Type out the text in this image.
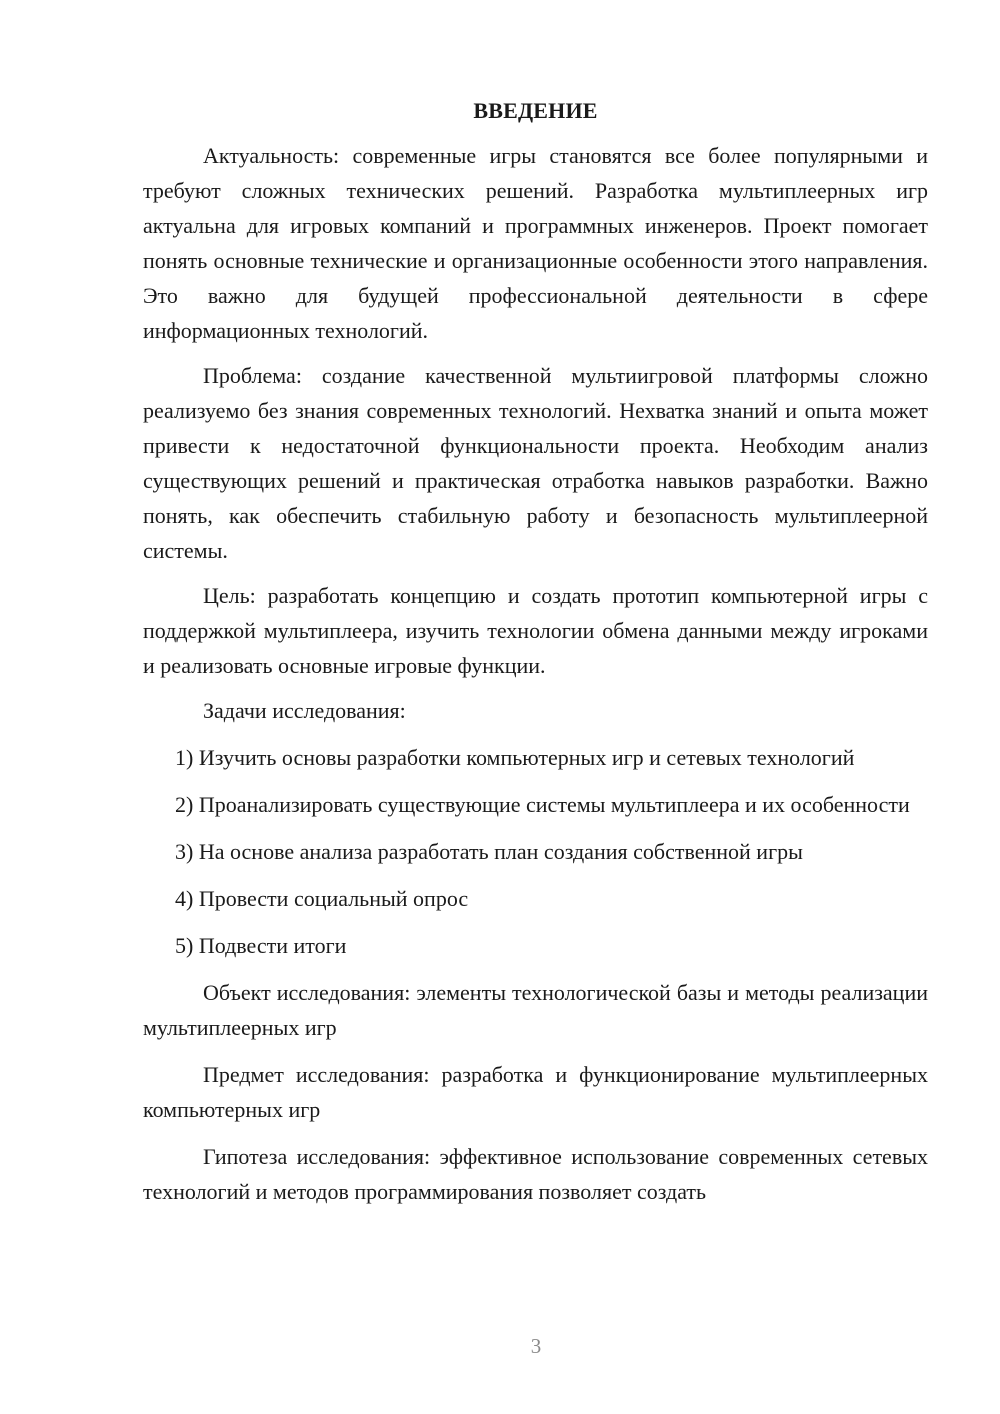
ВВЕДЕНИЕ

Актуальность: современные игры становятся все более популярными и требуют сложных технических решений. Разработка мультиплеерных игр актуальна для игровых компаний и программных инженеров. Проект помогает понять основные технические и организационные особенности этого направления. Это важно для будущей профессиональной деятельности в сфере информационных технологий.

Проблема: создание качественной мультиигровой платформы сложно реализуемо без знания современных технологий. Нехватка знаний и опыта может привести к недостаточной функциональности проекта. Необходим анализ существующих решений и практическая отработка навыков разработки. Важно понять, как обеспечить стабильную работу и безопасность мультиплеерной системы.

Цель: разработать концепцию и создать прототип компьютерной игры с поддержкой мультиплеера, изучить технологии обмена данными между игроками и реализовать основные игровые функции.

Задачи исследования:

1) Изучить основы разработки компьютерных игр и сетевых технологий

2) Проанализировать существующие системы мультиплеера и их особенности

3) На основе анализа разработать план создания собственной игры

4) Провести социальный опрос

5) Подвести итоги

Объект исследования: элементы технологической базы и методы реализации мультиплеерных игр

Предмет исследования: разработка и функционирование мультиплеерных компьютерных игр

Гипотеза исследования: эффективное использование современных сетевых технологий и методов программирования позволяет создать

3
